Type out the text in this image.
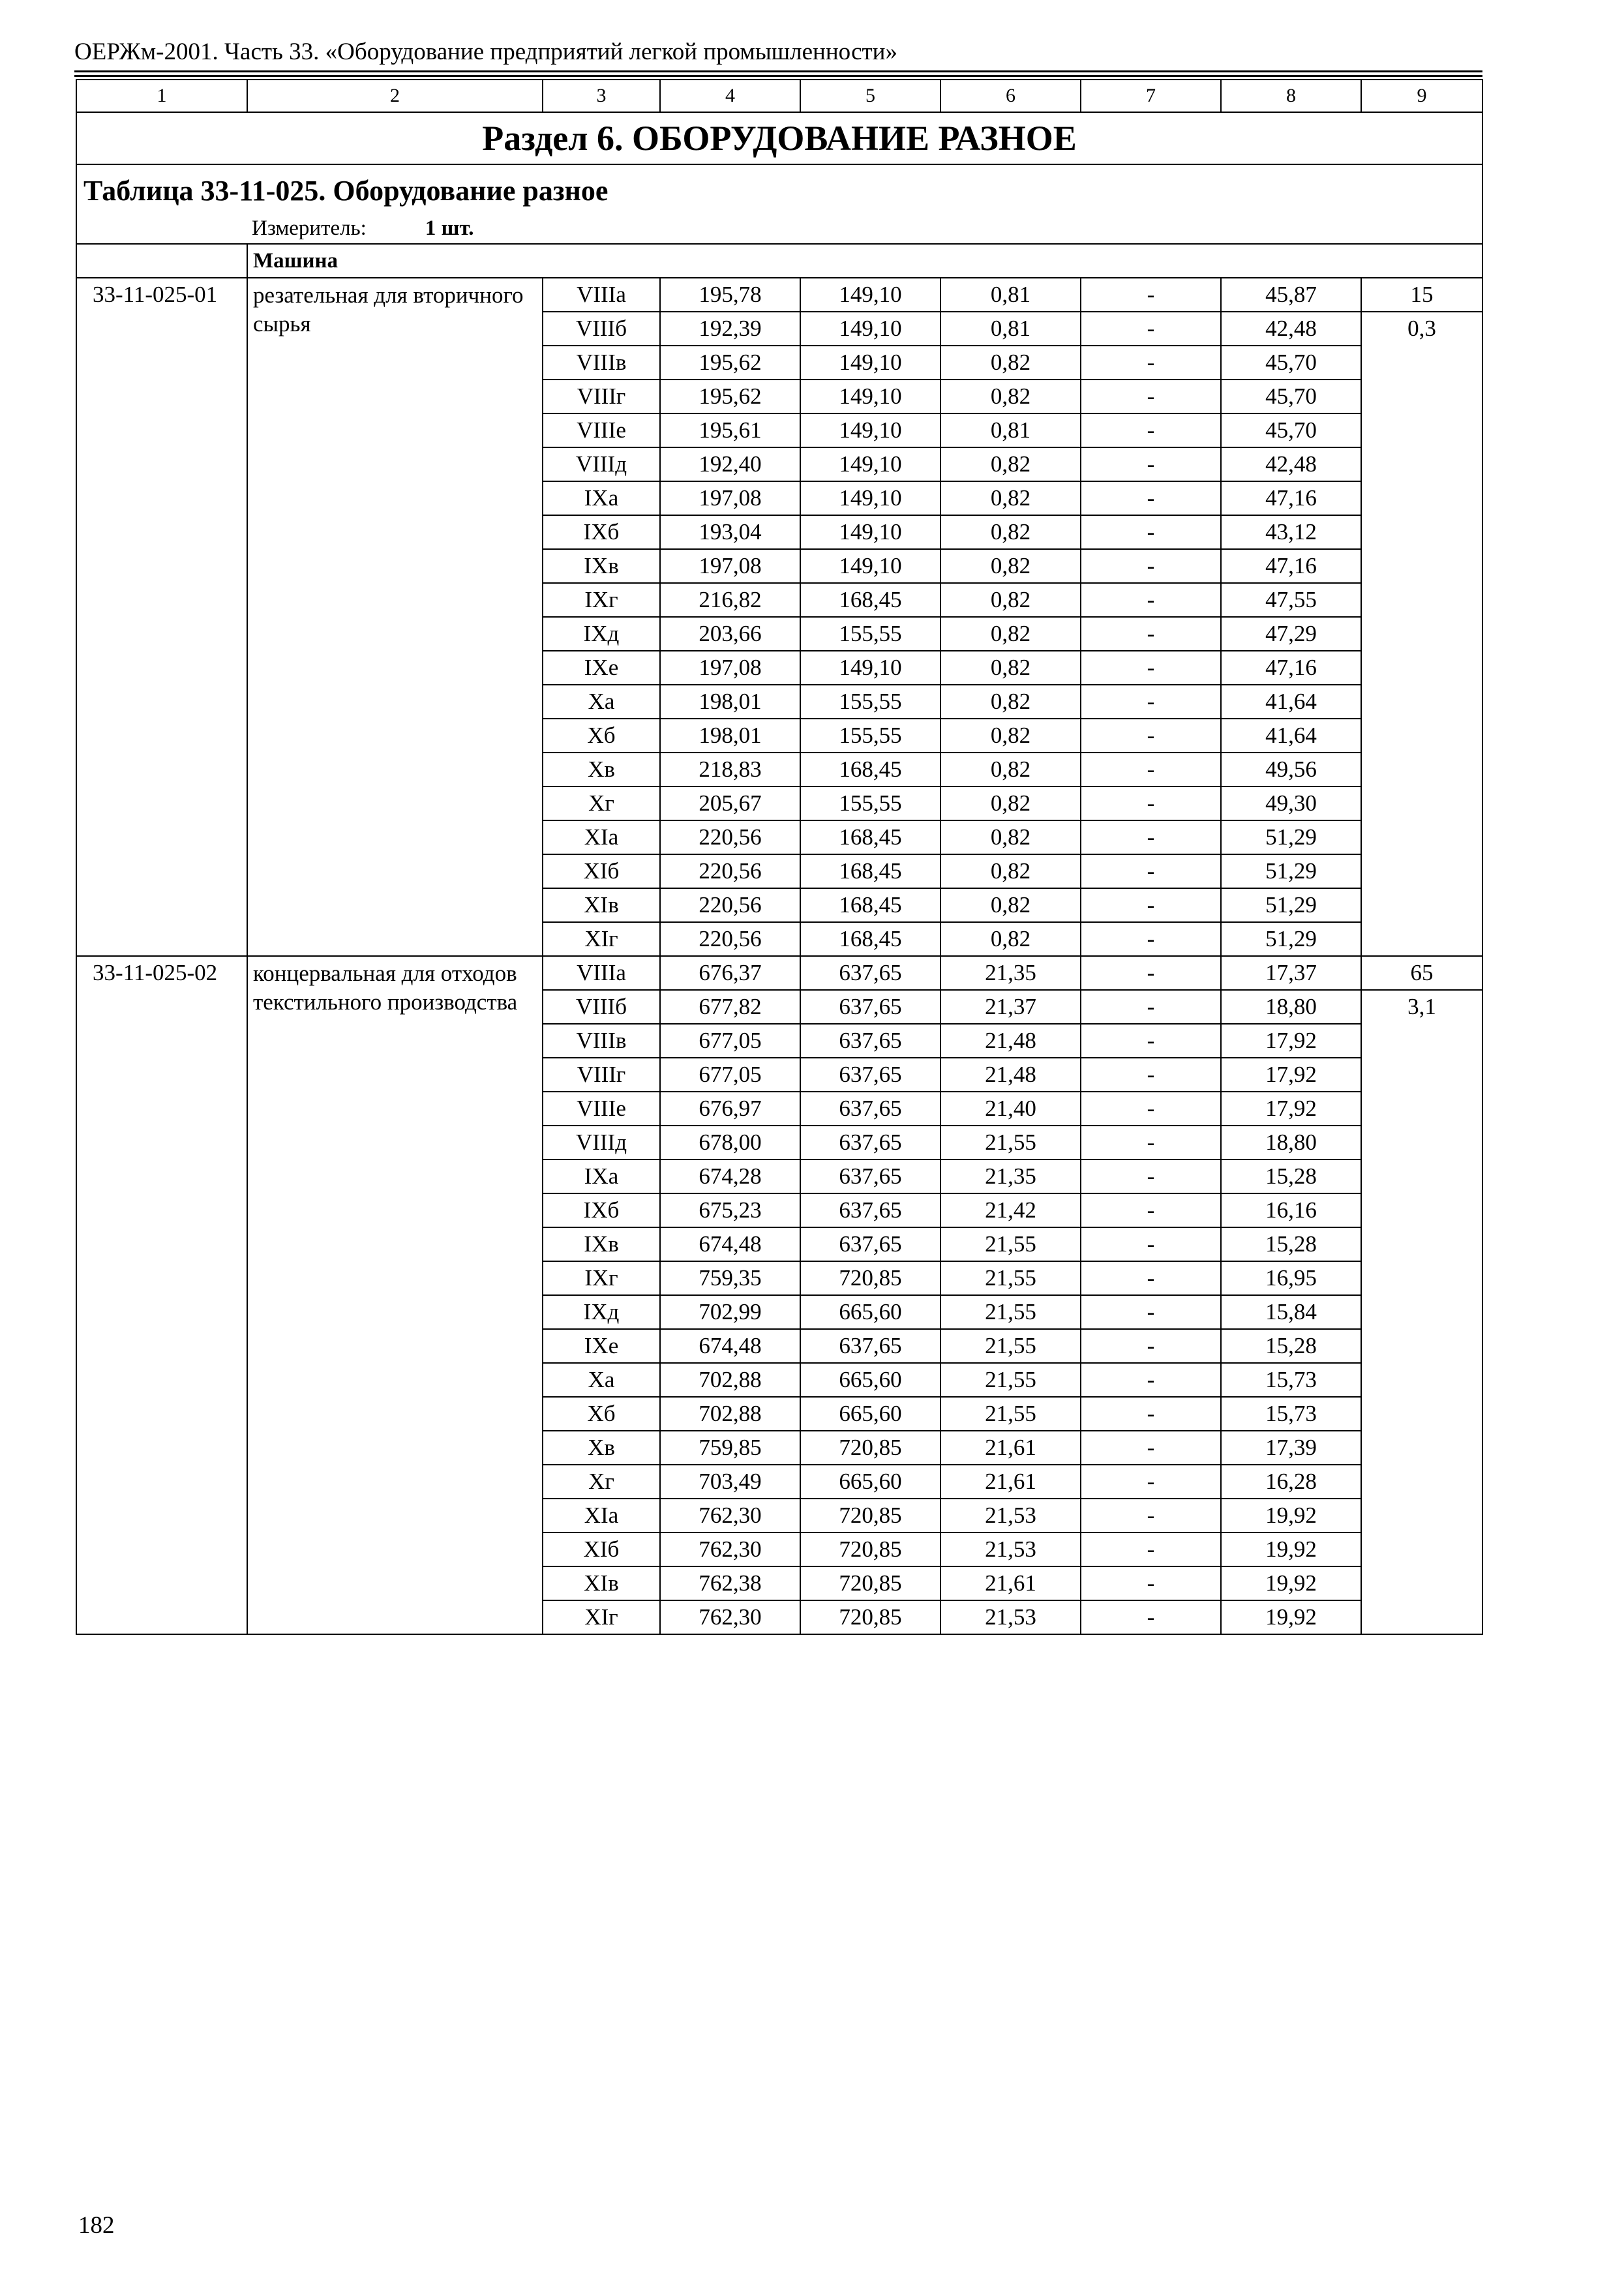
ОЕРЖм-2001. Часть 33. «Оборудование предприятий легкой промышленности»
1	2	3	4	5	6	7	8	9
Раздел 6. ОБОРУДОВАНИЕ РАЗНОЕ								

Таблица 33-11-025. Оборудование разное
Измеритель: 1 шт.								

	Машина							
33-11-025-01	резательная для вторичного сырья	VIIIa	195,78	149,10	0,81	-	45,87	15
		VIIIб	192,39	149,10	0,81	-	42,48	0,3
		VIIIв	195,62	149,10	0,82	-	45,70	
		VIIIг	195,62	149,10	0,82	-	45,70	
		VIIIe	195,61	149,10	0,81	-	45,70	
		VIIIд	192,40	149,10	0,82	-	42,48	
		IXa	197,08	149,10	0,82	-	47,16	
		IXб	193,04	149,10	0,82	-	43,12	
		IXв	197,08	149,10	0,82	-	47,16	
		IXг	216,82	168,45	0,82	-	47,55	
		IXд	203,66	155,55	0,82	-	47,29	
		IXe	197,08	149,10	0,82	-	47,16	
		Xa	198,01	155,55	0,82	-	41,64	
		Xб	198,01	155,55	0,82	-	41,64	
		Xв	218,83	168,45	0,82	-	49,56	
		Xг	205,67	155,55	0,82	-	49,30	
		XIa	220,56	168,45	0,82	-	51,29	
		XIб	220,56	168,45	0,82	-	51,29	
		XIв	220,56	168,45	0,82	-	51,29	
		XIг	220,56	168,45	0,82	-	51,29	
33-11-025-02	концервальная для отходов текстильного производства	VIIIa	676,37	637,65	21,35	-	17,37	65
		VIIIб	677,82	637,65	21,37	-	18,80	3,1
		VIIIв	677,05	637,65	21,48	-	17,92	
		VIIIг	677,05	637,65	21,48	-	17,92	
		VIIIe	676,97	637,65	21,40	-	17,92	
		VIIIд	678,00	637,65	21,55	-	18,80	
		IXa	674,28	637,65	21,35	-	15,28	
		IXб	675,23	637,65	21,42	-	16,16	
		IXв	674,48	637,65	21,55	-	15,28	
		IXг	759,35	720,85	21,55	-	16,95	
		IXд	702,99	665,60	21,55	-	15,84	
		IXe	674,48	637,65	21,55	-	15,28	
		Xa	702,88	665,60	21,55	-	15,73	
		Xб	702,88	665,60	21,55	-	15,73	
		Xв	759,85	720,85	21,61	-	17,39	
		Xг	703,49	665,60	21,61	-	16,28	
		XIa	762,30	720,85	21,53	-	19,92	
		XIб	762,30	720,85	21,53	-	19,92	
		XIв	762,38	720,85	21,61	-	19,92	
		XIг	762,30	720,85	21,53	-	19,92	
182
